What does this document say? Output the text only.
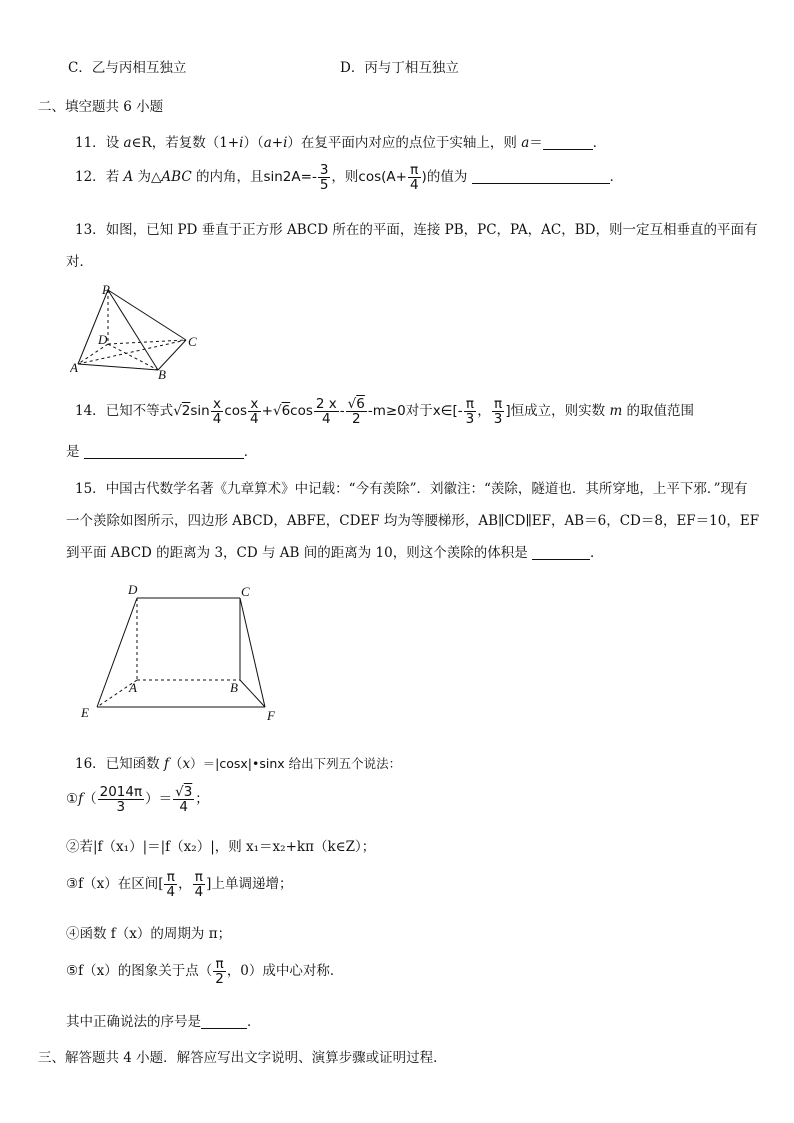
C．乙与丙相互独立	D．丙与丁相互独立
二、填空题共 6 小题
11．设 a∈R，若复数（1+i）（a+i）在复平面内对应的点位于实轴上，则 a＝	．
12．若 A 为△ABC 的内角，且$\sin 2A=- \frac{3}{5}$ ，则$\cos(A+ \frac{\pi}{4}$ )的值为	．
13．如图，已知 PD 垂直于正方形 ABCD 所在的平面，连接 PB，PC，PA，AC，BD，则一定互相垂直的平面有
对．
P
D	C
A	B
14．已知不等式$√2\sin \frac{x}{4}$ $\cos \frac{x}{4} +√6\cos \frac{2 x}{4} - \frac{√6}{2} -m\ge 0$对于x∈[- $\frac{\pi}{3}$ ， $\frac{\pi}{3}$ ]恒成立，则实数 m 的取值范围
是	．
15．中国古代数学名著《九章算术》中记载：“今有羡除”．刘徽注：“羡除，隧道也．其所穿地，上平下邪．”现有
一个羡除如图所示，四边形 ABCD，ABFE，CDEF 均为等腰梯形，AB∥CD∥EF，AB＝6，CD＝8，EF＝10，EF
到平面 ABCD 的距离为 3，CD 与 AB 间的距离为 10，则这个羡除的体积是	．
D	C
A	B
E	F
16．已知函数 f（x）＝|cosx|•sinx 给出下列五个说法：
①f（ $\frac{2014\pi}{3}$ ）＝ $\frac{√3}{4}$ ；
②若|f（x₁）|＝|f（x₂）|，则 x₁＝x₂+kπ（k∈Z）；
③f（x）在区间[ $\frac{\pi}{4}$ ， $\frac{\pi}{4}$ ]上单调递增；
④函数 f（x）的周期为 π；
⑤f（x）的图象关于点（ $\frac{\pi}{2}$ ，0）成中心对称．
其中正确说法的序号是	．
三、解答题共 4 小题．解答应写出文字说明、演算步骤或证明过程．
